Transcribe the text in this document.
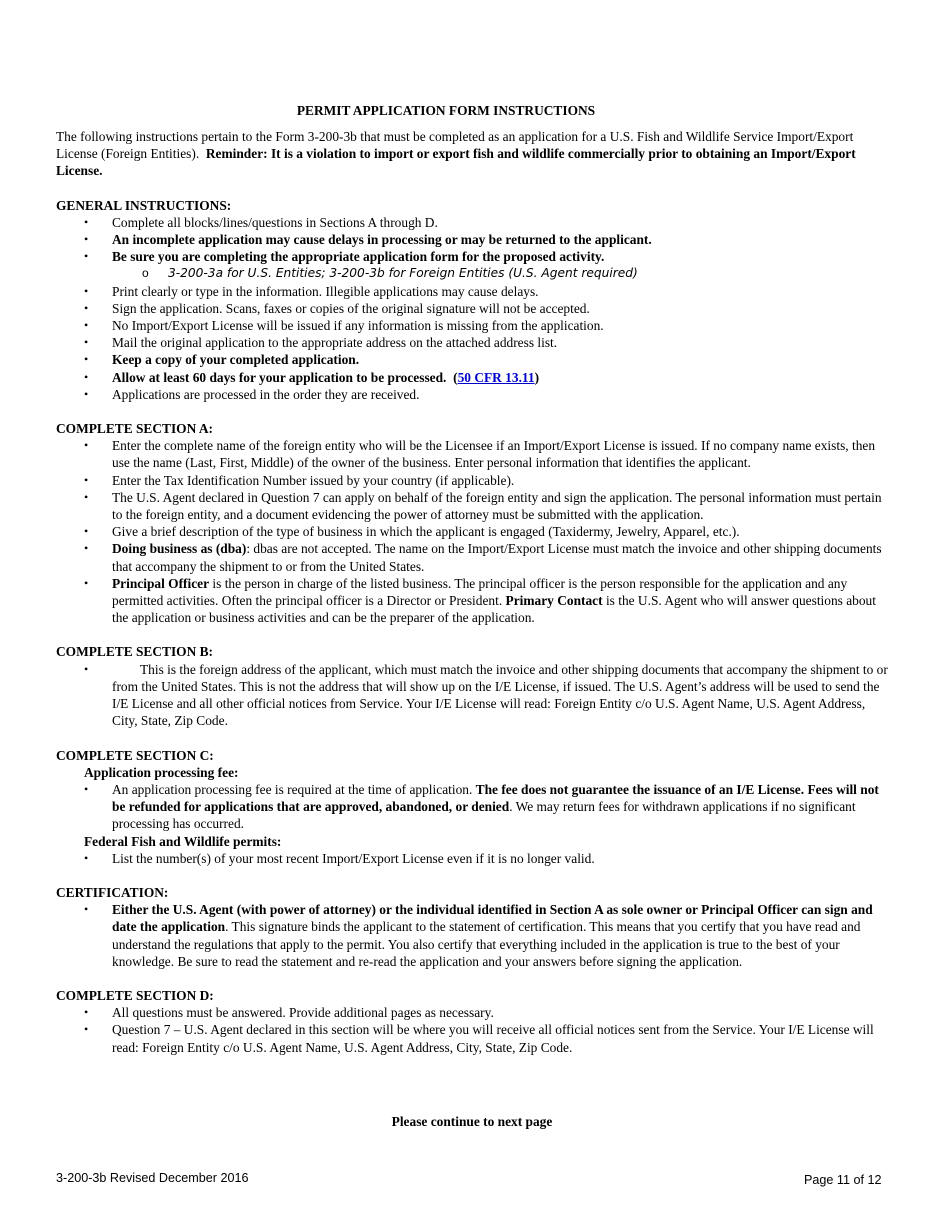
PERMIT APPLICATION FORM INSTRUCTIONS

The following instructions pertain to the Form 3-200-3b that must be completed as an application for a U.S. Fish and Wildlife Service Import/Export License (Foreign Entities). Reminder: It is a violation to import or export fish and wildlife commercially prior to obtaining an Import/Export License.

GENERAL INSTRUCTIONS:

• Complete all blocks/lines/questions in Sections A through D.
• An incomplete application may cause delays in processing or may be returned to the applicant.
• Be sure you are completing the appropriate application form for the proposed activity.
o 3-200-3a for U.S. Entities; 3-200-3b for Foreign Entities (U.S. Agent required)
• Print clearly or type in the information. Illegible applications may cause delays.
• Sign the application. Scans, faxes or copies of the original signature will not be accepted.
• No Import/Export License will be issued if any information is missing from the application.
• Mail the original application to the appropriate address on the attached address list.
• Keep a copy of your completed application.
• Allow at least 60 days for your application to be processed. (50 CFR 13.11)
• Applications are processed in the order they are received.

COMPLETE SECTION A:

• Enter the complete name of the foreign entity who will be the Licensee if an Import/Export License is issued. If no company name exists, then use the name (Last, First, Middle) of the owner of the business. Enter personal information that identifies the applicant.
• Enter the Tax Identification Number issued by your country (if applicable).
• The U.S. Agent declared in Question 7 can apply on behalf of the foreign entity and sign the application. The personal information must pertain to the foreign entity, and a document evidencing the power of attorney must be submitted with the application.
• Give a brief description of the type of business in which the applicant is engaged (Taxidermy, Jewelry, Apparel, etc.).
• Doing business as (dba): dbas are not accepted. The name on the Import/Export License must match the invoice and other shipping documents that accompany the shipment to or from the United States.
• Principal Officer is the person in charge of the listed business. The principal officer is the person responsible for the application and any permitted activities. Often the principal officer is a Director or President. Primary Contact is the U.S. Agent who will answer questions about the application or business activities and can be the preparer of the application.

COMPLETE SECTION B:

• This is the foreign address of the applicant, which must match the invoice and other shipping documents that accompany the shipment to or from the United States. This is not the address that will show up on the I/E License, if issued. The U.S. Agent’s address will be used to send the I/E License and all other official notices from Service. Your I/E License will read: Foreign Entity c/o U.S. Agent Name, U.S. Agent Address, City, State, Zip Code.

COMPLETE SECTION C:

Application processing fee:

• An application processing fee is required at the time of application. The fee does not guarantee the issuance of an I/E License. Fees will not be refunded for applications that are approved, abandoned, or denied. We may return fees for withdrawn applications if no significant processing has occurred.

Federal Fish and Wildlife permits:

• List the number(s) of your most recent Import/Export License even if it is no longer valid.

CERTIFICATION:

• Either the U.S. Agent (with power of attorney) or the individual identified in Section A as sole owner or Principal Officer can sign and date the application. This signature binds the applicant to the statement of certification. This means that you certify that you have read and understand the regulations that apply to the permit. You also certify that everything included in the application is true to the best of your knowledge. Be sure to read the statement and re-read the application and your answers before signing the application.

COMPLETE SECTION D:

• All questions must be answered. Provide additional pages as necessary.
• Question 7 – U.S. Agent declared in this section will be where you will receive all official notices sent from the Service. Your I/E License will read: Foreign Entity c/o U.S. Agent Name, U.S. Agent Address, City, State, Zip Code.

Please continue to next page

3-200-3b Revised December 2016	Page 11 of 12
